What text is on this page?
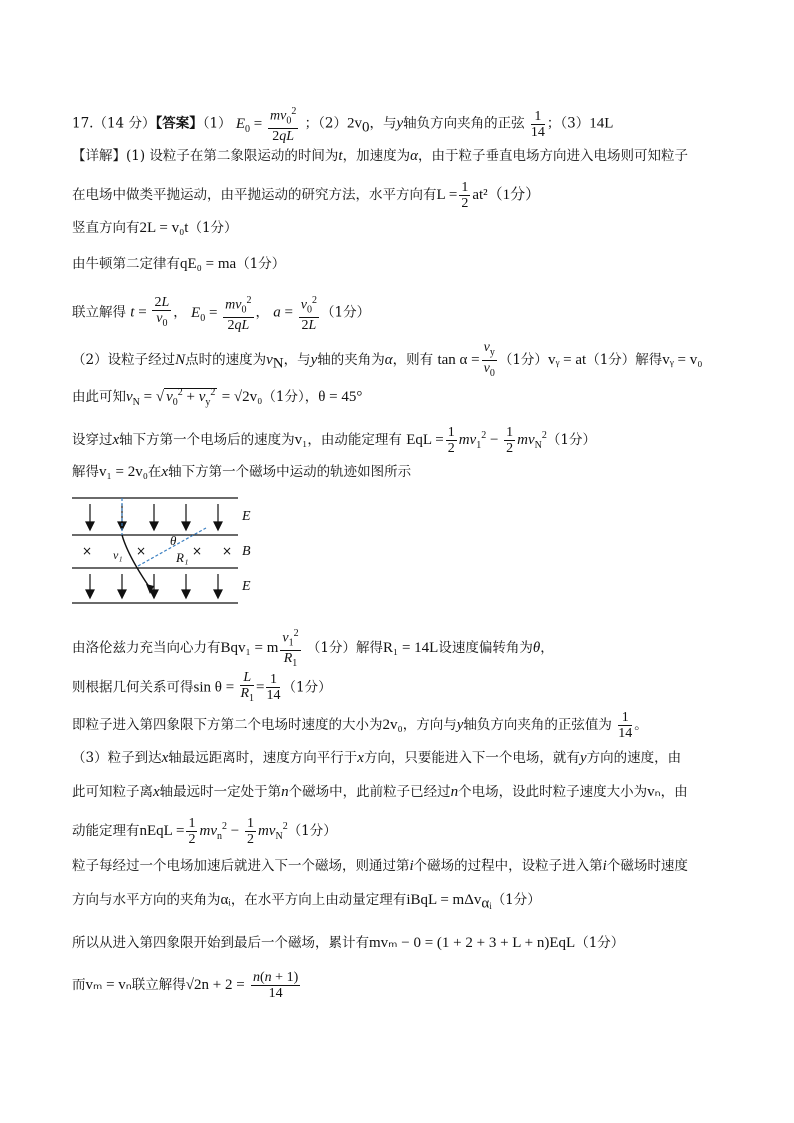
17.（14 分）【答案】（1） $E_0 = \frac{mv_0^2}{2qL}$ ；$(2)2v_0$，与y轴负方向夹角的正弦 $\frac{1}{14}$ ；（3）14L
【详解】(1) 设粒子在第二象限运动的时间为t，加速度为α，由于粒子垂直电场方向进入电场则可知粒子
在电场中做类平抛运动，由平抛运动的研究方法，水平方向有$L = \frac{1}{2} at^2(1$分）
竖直方向有2L = v₀t（1分）
由牛顿第二定律有qE₀ = ma（1分）
联立解得 $t = \frac{2L}{v_0}$ ， $E_0 = \frac{mv_0^2}{2qL}$ ， $a = \frac{v_0^2}{2L} (1$分）
（2）设粒子经过N点时的速度为$v_N$，与y轴的夹角为α，则有 $\tan \alpha = \frac{v_y}{v_0} (1$分）vᵧ = at（1分）解得vᵧ = v₀
由此可知$v_N$ = √ $v_0^2 + v_y^2 = √2v_0(1$分），θ = 45°
设穿过x轴下方第一个电场后的速度为v₁，由动能定理有 EqL = $\frac{1}{2} mv_1^2 - \frac{1}{2} mv_N^2(1$分）
解得v₁ = 2v₀在x轴下方第一个磁场中运动的轨迹如图所示
×	×	× ×
E
B
E
θ
v₁	R₁
由洛伦兹力充当向心力有Bqv₁ = m $\frac{v_1^2}{R_1} (1$分）解得R₁ = 14L设速度偏转角为θ，
则根据几何关系可得$\sin \theta = \frac{L}{R_1} = \frac{1}{14} (1$分）
即粒子进入第四象限下方第二个电场时速度的大小为2v₀，方向与y轴负方向夹角的正弦值为 $\frac{1}{14}$ 。
（3）粒子到达x轴最远距离时，速度方向平行于x方向，只要能进入下一个电场，就有y方向的速度，由
此可知粒子离x轴最远时一定处于第n个磁场中，此前粒子已经过n个电场，设此时粒子速度大小为vₙ，由
动能定理有nEqL = $\frac{1}{2} mv_n^2 - \frac{1}{2} mv_N^2(1$分）
粒子每经过一个电场加速后就进入下一个磁场，则通过第i个磁场的过程中，设粒子进入第i个磁场时速度
方向与水平方向的夹角为αᵢ，在水平方向上由动量定理有iBqL = mΔv$_{\alpha ᵢ}$（1分）
所以从进入第四象限开始到最后一个磁场，累计有mvₘ − 0 = (1 + 2 + 3 + L + n)EqL（1分）
而vₘ = vₙ联立解得$√2n + 2 = \frac{n(n + 1)}{14}$
